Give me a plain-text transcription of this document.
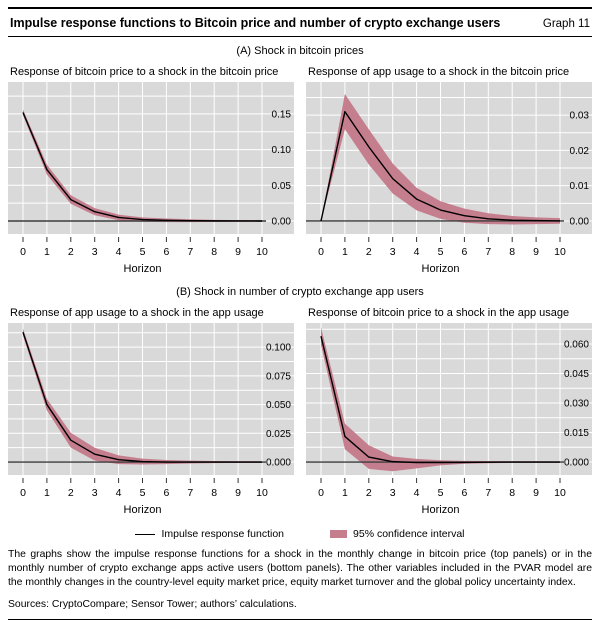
Impulse response functions to Bitcoin price and number of crypto exchange users	Graph 11
(A) Shock in bitcoin prices
Response of bitcoin price to a shock in the bitcoin price
0.00
0.05
0.10
0.15
0 1 2 3 4 5 6 7 8 9 10
Horizon
Response of app usage to a shock in the bitcoin price
0.00
0.01
0.02
0.03
0 1 2 3 4 5 6 7 8 9 10
Horizon
(B) Shock in number of crypto exchange app users
Response of app usage to a shock in the app usage
0.000
0.025
0.050
0.075
0.100
0 1 2 3 4 5 6 7 8 9 10
Horizon
Response of bitcoin price to a shock in the app usage
0.000
0.015
0.030
0.045
0.060
0 1 2 3 4 5 6 7 8 9 10
Horizon
Impulse response function	95% confidence interval

The graphs show the impulse response functions for a shock in the monthly change in bitcoin price (top panels) or in the monthly number of crypto exchange apps active users (bottom panels). The other variables included in the PVAR model are the monthly changes in the country-level equity market price, equity market turnover and the global policy uncertainty index.

Sources: CryptoCompare; Sensor Tower; authors’ calculations.
